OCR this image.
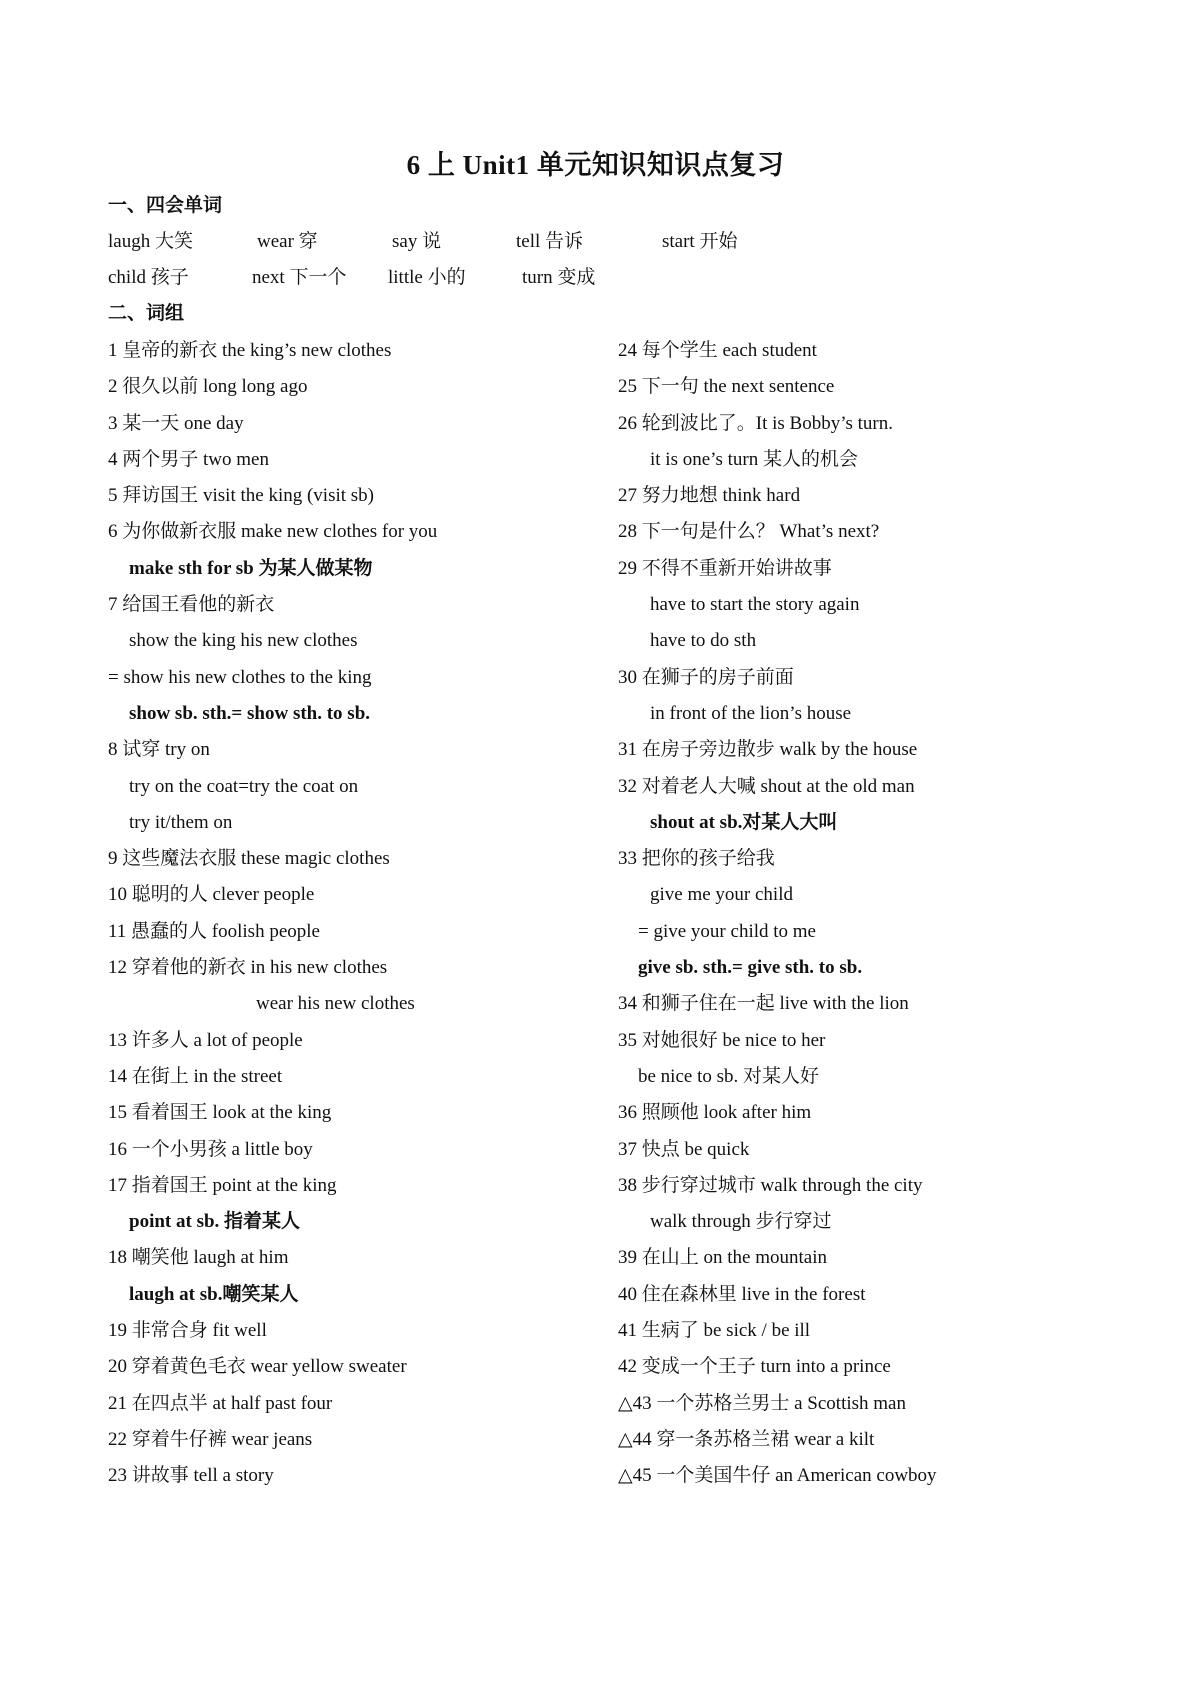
6 上 Unit1 单元知识知识点复习
一、四会单词

laugh 大笑

	wear 穿

	say 说

	tell 告诉

	start 开始

child 孩子

	next 下一个

little 小的

	turn 变成

二、词组
1 皇帝的新衣 the king’s new clothes
2 很久以前 long long ago
3 某一天 one day
4 两个男子 two men
5 拜访国王 visit the king (visit sb)
6 为你做新衣服 make new clothes for you
make sth for sb 为某人做某物
7 给国王看他的新衣
show the king his new clothes
= show his new clothes to the king
show sb. sth.= show sth. to sb.
8 试穿 try on
try on the coat=try the coat on
try it/them on
9 这些魔法衣服 these magic clothes
10 聪明的人 clever people
11 愚蠢的人 foolish people
12 穿着他的新衣 in his new clothes
wear his new clothes
13 许多人 a lot of people
14 在街上 in the street
15 看着国王 look at the king
16 一个小男孩 a little boy
17 指着国王 point at the king
point at sb. 指着某人
18 嘲笑他 laugh at him
laugh at sb.嘲笑某人
19 非常合身 fit well
20 穿着黄色毛衣 wear yellow sweater
21 在四点半 at half past four
22 穿着牛仔裤 wear jeans
23 讲故事 tell a story
24 每个学生 each student
25 下一句 the next sentence
26 轮到波比了。It is Bobby’s turn.
it is one’s turn 某人的机会
27 努力地想 think hard
28 下一句是什么？ What’s next?
29 不得不重新开始讲故事
have to start the story again
have to do sth
30 在狮子的房子前面
in front of the lion’s house
31 在房子旁边散步 walk by the house
32 对着老人大喊 shout at the old man
shout at sb.对某人大叫
33 把你的孩子给我
give me your child
= give your child to me
give sb. sth.= give sth. to sb.
34 和狮子住在一起 live with the lion
35 对她很好 be nice to her
be nice to sb. 对某人好
36 照顾他 look after him
37 快点 be quick
38 步行穿过城市 walk through the city
walk through 步行穿过
39 在山上 on the mountain
40 住在森林里 live in the forest
41 生病了 be sick / be ill
42 变成一个王子 turn into a prince
△43 一个苏格兰男士 a Scottish man
△44 穿一条苏格兰裙 wear a kilt
△45 一个美国牛仔 an American cowboy
